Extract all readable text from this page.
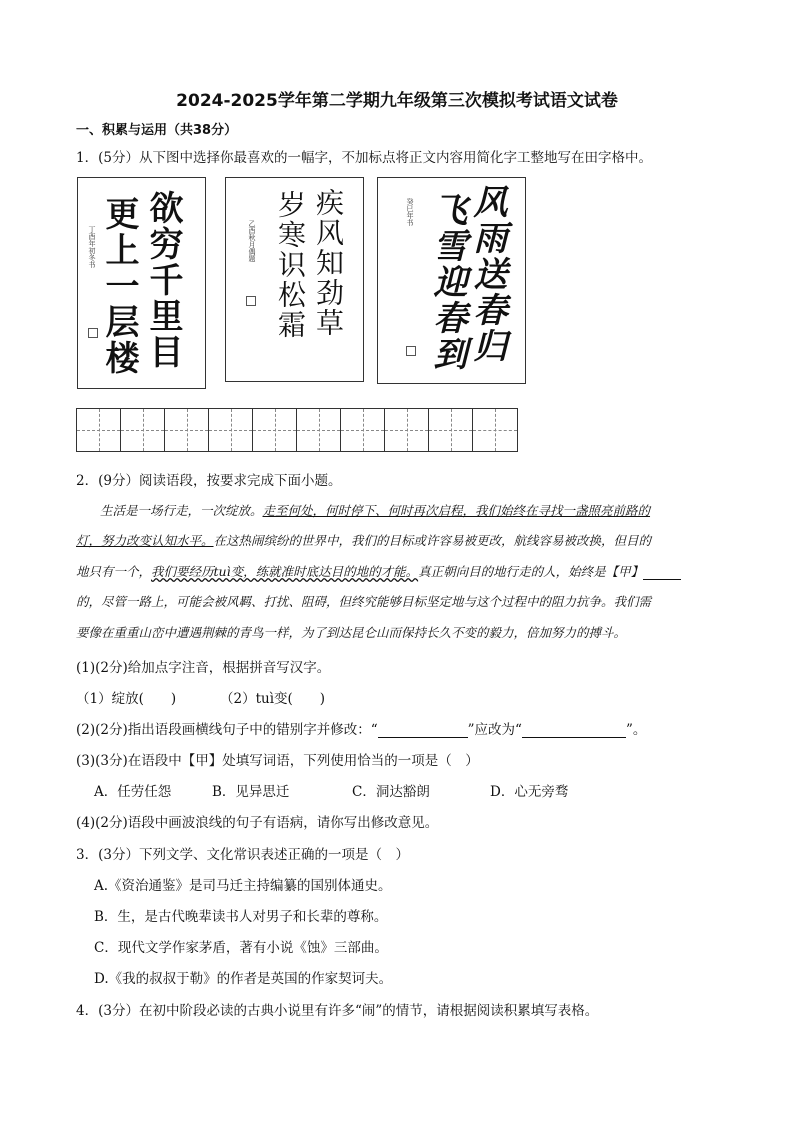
2024-2025学年第二学期九年级第三次模拟考试语文试卷
一、积累与运用（共38分）
1．(5分）从下图中选择你最喜欢的一幅字，不加标点将正文内容用简化字工整地写在田字格中。
欲穷千里目
更上一层楼
丁酉年初冬书	疾风知劲草
岁寒识松霜
乙酉秋月偶题	风雨送春归
飞雪迎春到
癸巳年书
2．(9分）阅读语段，按要求完成下面小题。
生活是一场行走，一次绽放。走至何处，何时停下、何时再次启程，我们始终在寻找一盏照亮前路的
灯，努力改变认知水平。在这热闹缤纷的世界中，我们的目标或许容易被更改，航线容易被改换，但目的
地只有一个，我们要经历tuì变，练就准时底达目的地的才能。真正朝向目的地行走的人，始终是【甲】
的，尽管一路上，可能会被风羁、打扰、阻碍，但终究能够目标坚定地与这个过程中的阻力抗争。我们需
要像在重重山峦中遭遇荆棘的青鸟一样，为了到达昆仑山而保持长久不变的毅力，倍加努力的搏斗。
(1)(2分)给加点字注音，根据拼音写汉字。
（1）绽放(　　)	（2）tuì变(　　)
(2)(2分)指出语段画横线句子中的错别字并修改：“	”应改为“	”。
(3)(3分)在语段中【甲】处填写词语，下列使用恰当的一项是（　）
A．任劳任怨	B．见异思迁	C．洞达豁朗	D．心无旁骛
(4)(2分)语段中画波浪线的句子有语病，请你写出修改意见。
3．(3分）下列文学、文化常识表述正确的一项是（　）
A.《资治通鉴》是司马迁主持编纂的国别体通史。
B．生，是古代晚辈读书人对男子和长辈的尊称。
C．现代文学作家茅盾，著有小说《蚀》三部曲。
D.《我的叔叔于勒》的作者是英国的作家契诃夫。
4．(3分）在初中阶段必读的古典小说里有许多“闹”的情节，请根据阅读积累填写表格。
